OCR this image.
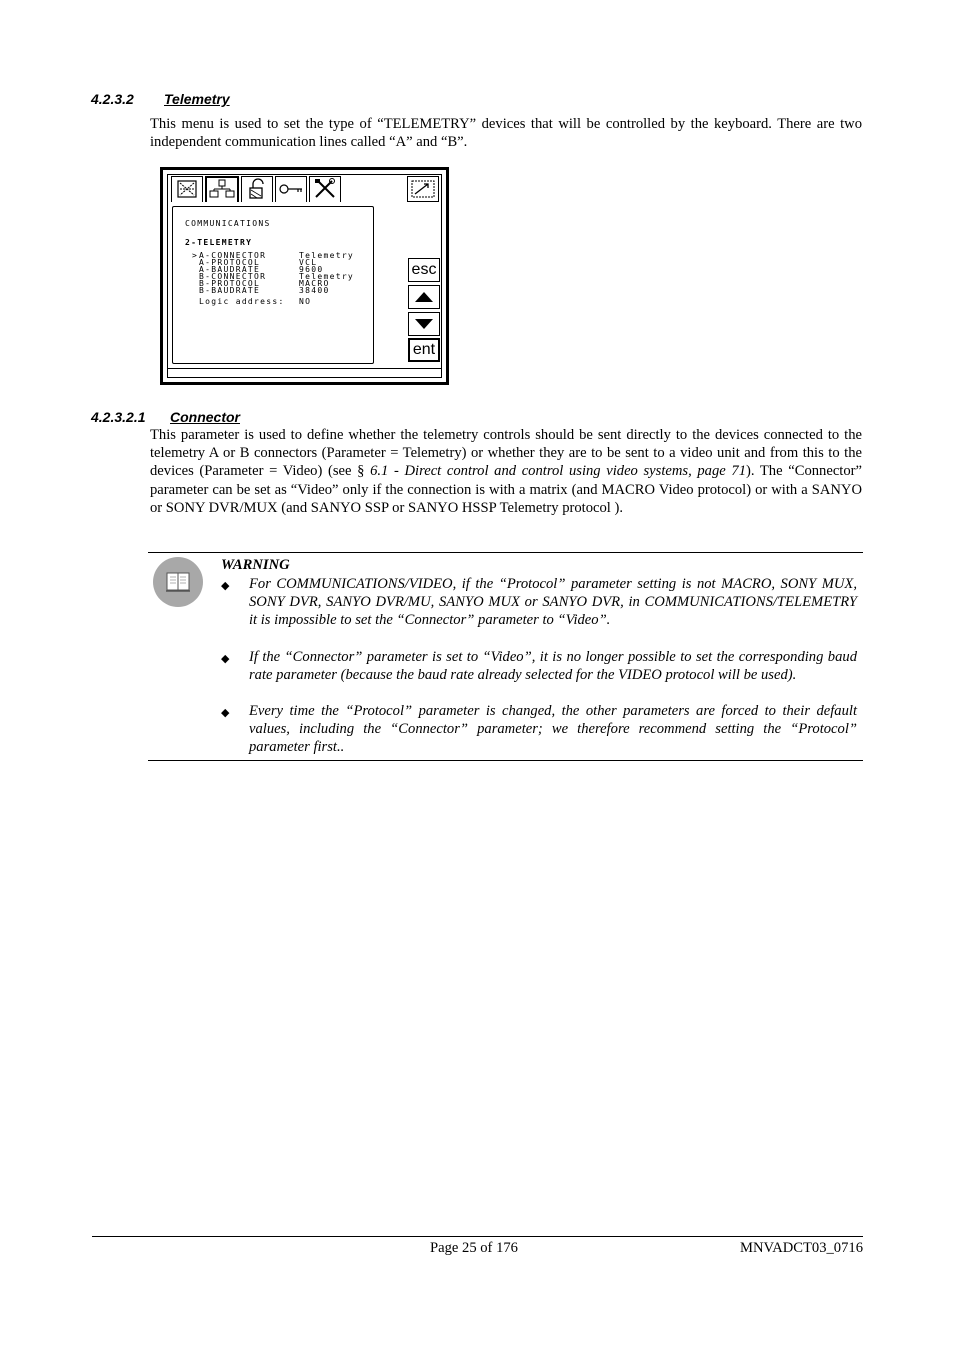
4.2.3.2 Telemetry
This menu is used to set the type of “TELEMETRY” devices that will be controlled by the keyboard. There are two independent communication lines called “A” and “B”.
COMMUNICATIONS
2-TELEMETRY
> A-CONNECTOR	Telemetry
A-PROTOCOL	VCL
A-BAUDRATE	9600
B-CONNECTOR	Telemetry
B-PROTOCOL	MACRO
B-BAUDRATE	38400
Logic address: NO
esc
ent
4.2.3.2.1 Connector
This parameter is used to define whether the telemetry controls should be sent directly to the devices connected to the telemetry A or B connectors (Parameter = Telemetry) or whether they are to be sent to a video unit and from this to the devices (Parameter = Video) (see § 6.1 - Direct control and control using video systems, page 71). The “Connector” parameter can be set as “Video” only if the connection is with a matrix (and MACRO Video protocol) or with a SANYO or SONY DVR/MUX (and SANYO SSP or SANYO HSSP Telemetry protocol ).
WARNING
◆ For COMMUNICATIONS/VIDEO, if the “Protocol” parameter setting is not MACRO, SONY MUX, SONY DVR, SANYO DVR/MU, SANYO MUX or SANYO DVR, in COMMUNICATIONS/TELEMETRY it is impossible to set the “Connector” parameter to “Video”.
◆ If the “Connector” parameter is set to “Video”, it is no longer possible to set the corresponding baud rate parameter (because the baud rate already selected for the VIDEO protocol will be used).
◆ Every time the “Protocol” parameter is changed, the other parameters are forced to their default values, including the “Connector” parameter; we therefore recommend setting the “Protocol” parameter first..
Page 25 of 176	MNVADCT03_0716
